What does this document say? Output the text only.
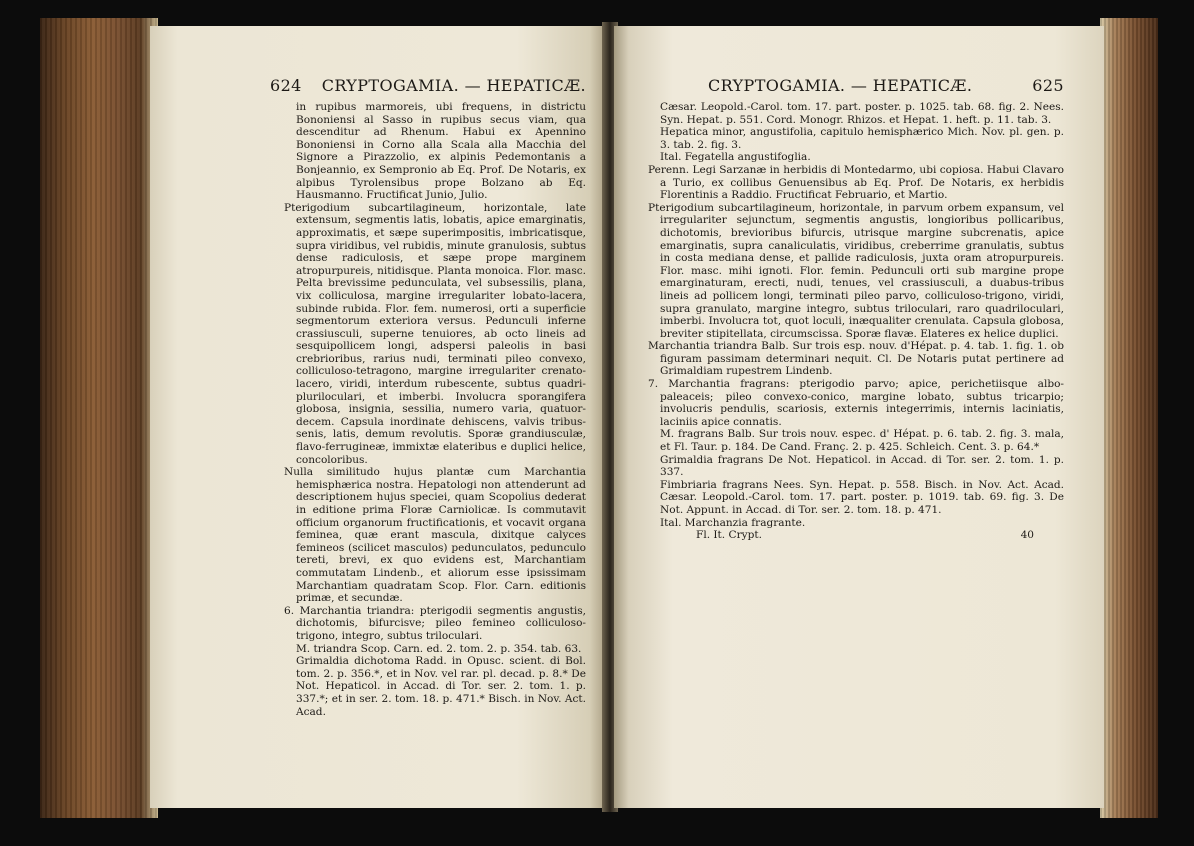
624 CRYPTOGAMIA. — HEPATICÆ.

in rupibus marmoreis, ubi frequens, in districtu Bononiensi al Sasso in rupibus secus viam, qua descenditur ad Rhenum. Habui ex Apennino Bononiensi in Corno alla Scala alla Macchia del Signore a Pirazzolio, ex alpinis Pedemontanis a Bonjeannio, ex Sempronio ab Eq. Prof. De Notaris, ex alpibus Tyrolensibus prope Bolzano ab Eq. Hausmanno. Fructificat Junio, Julio.

Pterigodium subcartilagineum, horizontale, late extensum, segmentis latis, lobatis, apice emarginatis, approximatis, et sæpe superimpositis, imbricatisque, supra viridibus, vel rubidis, minute granulosis, subtus dense radiculosis, et sæpe prope marginem atropurpureis, nitidisque. Planta monoica. Flor. masc. Pelta brevissime pedunculata, vel subsessilis, plana, vix colliculosa, margine irregulariter lobato-lacera, subinde rubida. Flor. fem. numerosi, orti a superficie segmentorum exteriora versus. Pedunculi inferne crassiusculi, superne tenuiores, ab octo lineis ad sesquipollicem longi, adspersi paleolis in basi crebrioribus, rarius nudi, terminati pileo convexo, colliculoso-tetragono, margine irregulariter crenato-lacero, viridi, interdum rubescente, subtus quadri-pluriloculari, et imberbi. Involucra sporangifera globosa, insignia, sessilia, numero varia, quatuor-decem. Capsula inordinate dehiscens, valvis tribus-senis, latis, demum revolutis. Sporæ grandiusculæ, flavo-ferrugineæ, immixtæ elateribus e duplici helice, concoloribus.

Nulla similitudo hujus plantæ cum Marchantia hemisphærica nostra. Hepatologi non attenderunt ad descriptionem hujus speciei, quam Scopolius dederat in editione prima Floræ Carniolicæ. Is commutavit officium organorum fructificationis, et vocavit organa feminea, quæ erant mascula, dixitque calyces femineos (scilicet masculos) pedunculatos, pedunculo tereti, brevi, ex quo evidens est, Marchantiam commutatam Lindenb., et aliorum esse ipsissimam Marchantiam quadratam Scop. Flor. Carn. editionis primæ, et secundæ.

6. Marchantia triandra: pterigodii segmentis angustis, dichotomis, bifurcisve; pileo femineo colliculoso-trigono, integro, subtus triloculari.

M. triandra Scop. Carn. ed. 2. tom. 2. p. 354. tab. 63.

Grimaldia dichotoma Radd. in Opusc. scient. di Bol. tom. 2. p. 356.*, et in Nov. vel rar. pl. decad. p. 8.* De Not. Hepaticol. in Accad. di Tor. ser. 2. tom. 1. p. 337.*; et in ser. 2. tom. 18. p. 471.* Bisch. in Nov. Act. Acad.

CRYPTOGAMIA. — HEPATICÆ.	625

Cæsar. Leopold.-Carol. tom. 17. part. poster. p. 1025. tab. 68. fig. 2. Nees. Syn. Hepat. p. 551. Cord. Monogr. Rhizos. et Hepat. 1. heft. p. 11. tab. 3.

Hepatica minor, angustifolia, capitulo hemisphærico Mich. Nov. pl. gen. p. 3. tab. 2. fig. 3.

Ital. Fegatella angustifoglia.

Perenn. Legi Sarzanæ in herbidis di Montedarmo, ubi copiosa. Habui Clavaro a Turio, ex collibus Genuensibus ab Eq. Prof. De Notaris, ex herbidis Florentinis a Raddio. Fructificat Februario, et Martio.

Pterigodium subcartilagineum, horizontale, in parvum orbem expansum, vel irregulariter sejunctum, segmentis angustis, longioribus pollicaribus, dichotomis, brevioribus bifurcis, utrisque margine subcrenatis, apice emarginatis, supra canaliculatis, viridibus, creberrime granulatis, subtus in costa mediana dense, et pallide radiculosis, juxta oram atropurpureis. Flor. masc. mihi ignoti. Flor. femin. Pedunculi orti sub margine prope emarginaturam, erecti, nudi, tenues, vel crassiusculi, a duabus-tribus lineis ad pollicem longi, terminati pileo parvo, colliculoso-trigono, viridi, supra granulato, margine integro, subtus triloculari, raro quadriloculari, imberbi. Involucra tot, quot loculi, inæqualiter crenulata. Capsula globosa, breviter stipitellata, circumscissa. Sporæ flavæ. Elateres ex helice duplici.

Marchantia triandra Balb. Sur trois esp. nouv. d'Hépat. p. 4. tab. 1. fig. 1. ob figuram passimam determinari nequit. Cl. De Notaris putat pertinere ad Grimaldiam rupestrem Lindenb.

7. Marchantia fragrans: pterigodio parvo; apice, perichetiisque albo-paleaceis; pileo convexo-conico, margine lobato, subtus tricarpio; involucris pendulis, scariosis, externis integerrimis, internis laciniatis, laciniis apice connatis.

M. fragrans Balb. Sur trois nouv. espec. d' Hépat. p. 6. tab. 2. fig. 3. mala, et Fl. Taur. p. 184. De Cand. Franç. 2. p. 425. Schleich. Cent. 3. p. 64.*

Grimaldia fragrans De Not. Hepaticol. in Accad. di Tor. ser. 2. tom. 1. p. 337.

Fimbriaria fragrans Nees. Syn. Hepat. p. 558. Bisch. in Nov. Act. Acad. Cæsar. Leopold.-Carol. tom. 17. part. poster. p. 1019. tab. 69. fig. 3. De Not. Appunt. in Accad. di Tor. ser. 2. tom. 18. p. 471.

Ital. Marchanzia fragrante.

Fl. It. Crypt.	40
